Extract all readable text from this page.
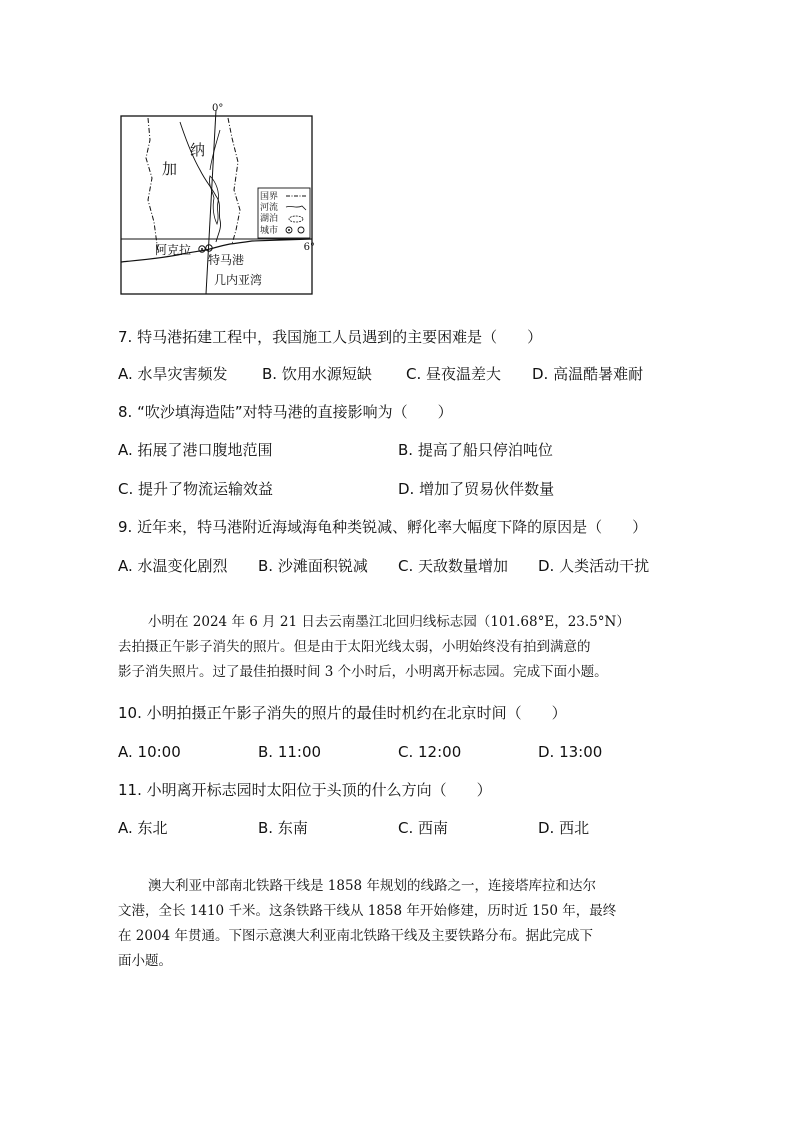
0°
6°
加
纳
阿克拉
特马港
几内亚湾
国界
河流
湖泊
城市
7. 特马港拓建工程中，我国施工人员遇到的主要困难是（　　）
A. 水旱灾害频发 B. 饮用水源短缺 C. 昼夜温差大 D. 高温酷暑难耐
8. “吹沙填海造陆”对特马港的直接影响为（　　）
A. 拓展了港口腹地范围	B. 提高了船只停泊吨位
C. 提升了物流运输效益	D. 增加了贸易伙伴数量
9. 近年来，特马港附近海域海龟种类锐减、孵化率大幅度下降的原因是（　　）
A. 水温变化剧烈 B. 沙滩面积锐减 C. 天敌数量增加 D. 人类活动干扰
小明在 2024 年 6 月 21 日去云南墨江北回归线标志园（101.68°E，23.5°N）
去拍摄正午影子消失的照片。但是由于太阳光线太弱，小明始终没有拍到满意的
影子消失照片。过了最佳拍摄时间 3 个小时后，小明离开标志园。完成下面小题。
10. 小明拍摄正午影子消失的照片的最佳时机约在北京时间（　　）
A. 10:00	B. 11:00	C. 12:00	D. 13:00
11. 小明离开标志园时太阳位于头顶的什么方向（　　）
A. 东北	B. 东南	C. 西南	D. 西北
澳大利亚中部南北铁路干线是 1858 年规划的线路之一，连接塔库拉和达尔
文港，全长 1410 千米。这条铁路干线从 1858 年开始修建，历时近 150 年，最终
在 2004 年贯通。下图示意澳大利亚南北铁路干线及主要铁路分布。据此完成下
面小题。
